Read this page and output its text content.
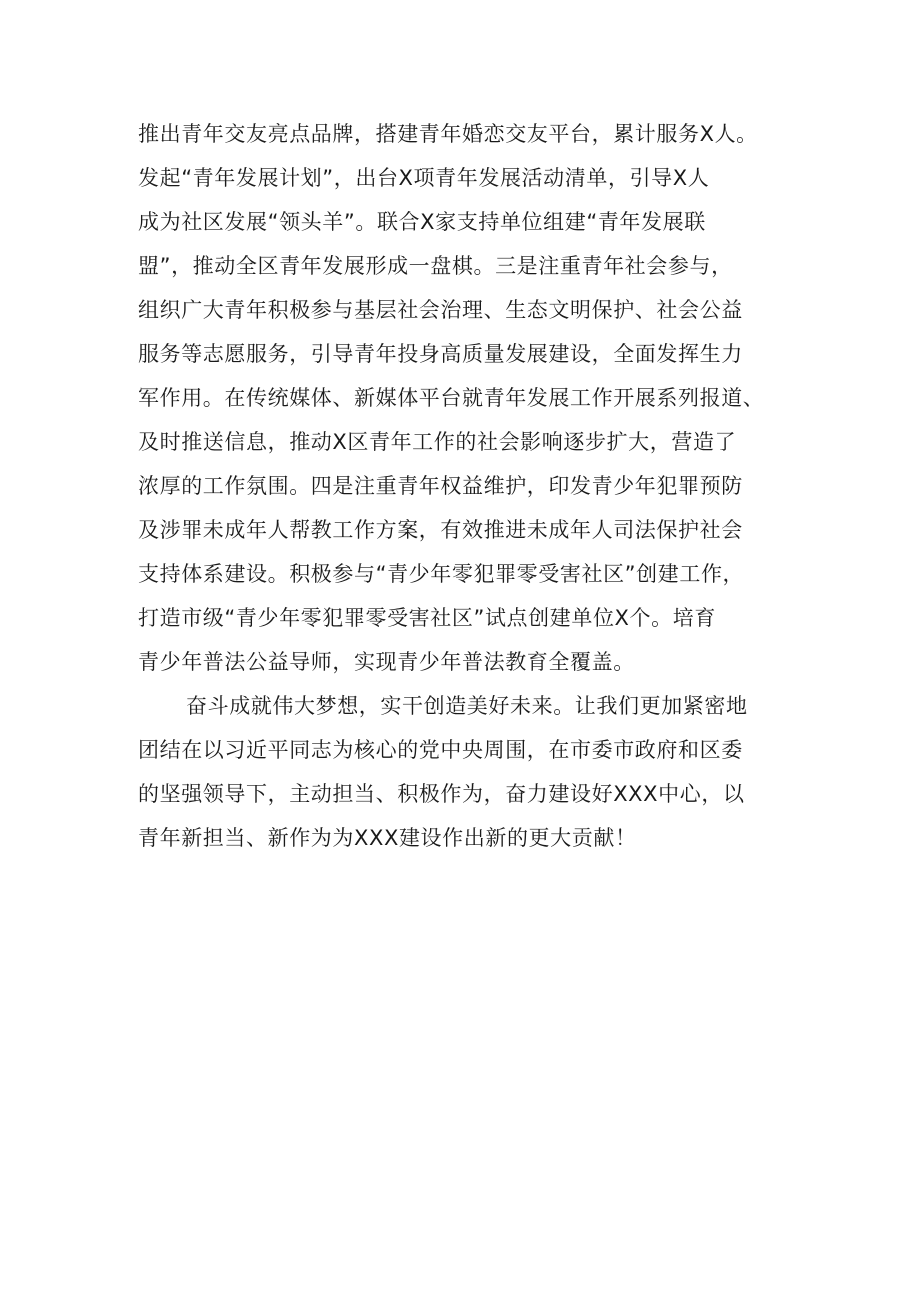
推出青年交友亮点品牌，搭建青年婚恋交友平台，累计服务X人。
发起“青年发展计划”，出台X项青年发展活动清单，引导X人
成为社区发展“领头羊”。联合X家支持单位组建“青年发展联
盟”，推动全区青年发展形成一盘棋。三是注重青年社会参与，
组织广大青年积极参与基层社会治理、生态文明保护、社会公益
服务等志愿服务，引导青年投身高质量发展建设，全面发挥生力
军作用。在传统媒体、新媒体平台就青年发展工作开展系列报道、
及时推送信息，推动X区青年工作的社会影响逐步扩大，营造了
浓厚的工作氛围。四是注重青年权益维护，印发青少年犯罪预防
及涉罪未成年人帮教工作方案，有效推进未成年人司法保护社会
支持体系建设。积极参与“青少年零犯罪零受害社区”创建工作，
打造市级“青少年零犯罪零受害社区”试点创建单位X个。培育
青少年普法公益导师，实现青少年普法教育全覆盖。
奋斗成就伟大梦想，实干创造美好未来。让我们更加紧密地
团结在以习近平同志为核心的党中央周围，在市委市政府和区委
的坚强领导下，主动担当、积极作为，奋力建设好XXX中心，以
青年新担当、新作为为XXX建设作出新的更大贡献！
